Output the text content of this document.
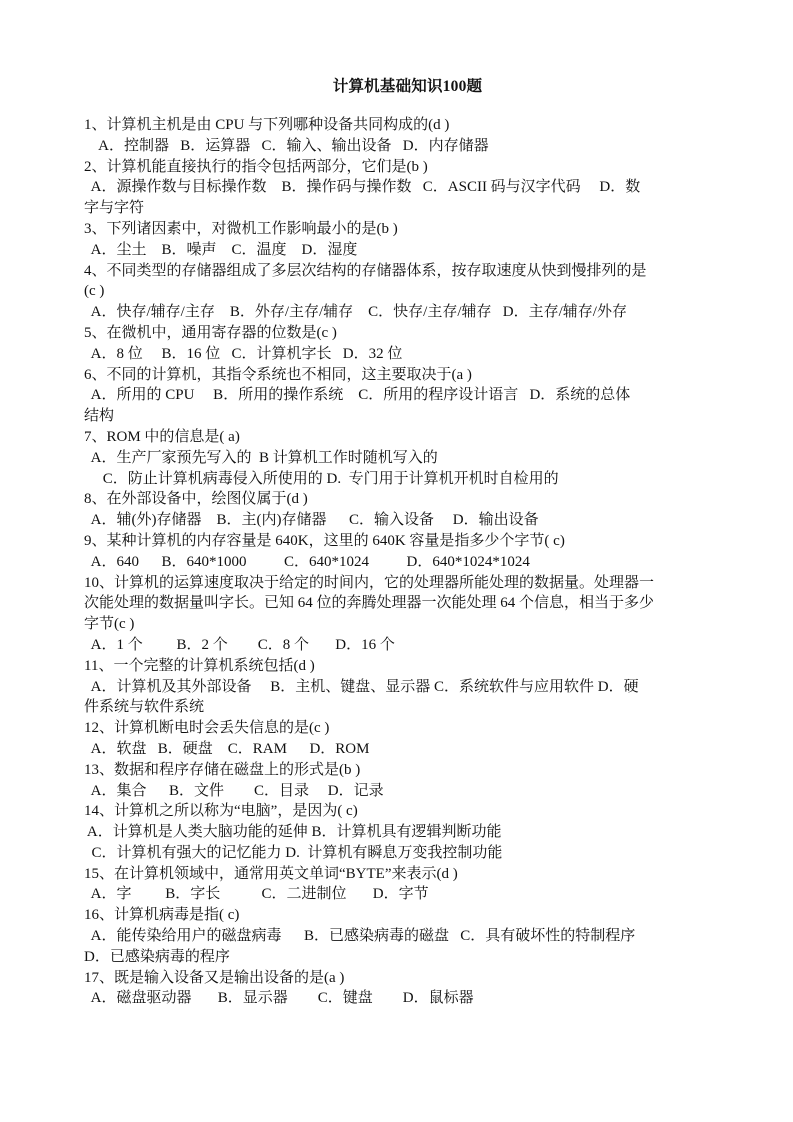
计算机基础知识100题
1、计算机主机是由 CPU 与下列哪种设备共同构成的(d )
A．控制器   B．运算器   C．输入、输出设备   D．内存储器
2、计算机能直接执行的指令包括两部分，它们是(b )
A．源操作数与目标操作数    B．操作码与操作数   C．ASCII 码与汉字代码     D．数
字与字符
3、下列诸因素中，对微机工作影响最小的是(b )
A．尘土    B．噪声    C．温度    D．湿度
4、不同类型的存储器组成了多层次结构的存储器体系，按存取速度从快到慢排列的是
(c )
A．快存/辅存/主存    B．外存/主存/辅存    C．快存/主存/辅存   D．主存/辅存/外存
5、在微机中，通用寄存器的位数是(c )
A．8 位     B．16 位   C．计算机字长   D．32 位
6、不同的计算机，其指令系统也不相同，这主要取决于(a )
A．所用的 CPU     B．所用的操作系统    C．所用的程序设计语言   D．系统的总体
结构
7、ROM 中的信息是( a)
A．生产厂家预先写入的  B 计算机工作时随机写入的
C．防止计算机病毒侵入所使用的 D.  专门用于计算机开机时自检用的
8、在外部设备中，绘图仪属于(d )
A．辅(外)存储器    B．主(内)存储器      C．输入设备     D．输出设备
9、某种计算机的内存容量是 640K，这里的 640K 容量是指多少个字节( c)
A．640      B．640*1000          C．640*1024          D．640*1024*1024
10、计算机的运算速度取决于给定的时间内，它的处理器所能处理的数据量。处理器一
次能处理的数据量叫字长。已知 64 位的奔腾处理器一次能处理 64 个信息，相当于多少
字节(c )
A．1 个         B．2 个        C．8 个       D．16 个
11、一个完整的计算机系统包括(d )
A．计算机及其外部设备     B．主机、键盘、显示器 C．系统软件与应用软件 D．硬
件系统与软件系统
12、计算机断电时会丢失信息的是(c )
A．软盘   B．硬盘    C．RAM      D．ROM
13、数据和程序存储在磁盘上的形式是(b )
A．集合      B．文件        C．目录     D．记录
14、计算机之所以称为“电脑”，是因为( c)
A．计算机是人类大脑功能的延伸 B．计算机具有逻辑判断功能
C．计算机有强大的记忆能力 D.  计算机有瞬息万变我控制功能
15、在计算机领域中，通常用英文单词“BYTE”来表示(d )
A．字         B．字长           C．二进制位       D．字节
16、计算机病毒是指( c)
A．能传染给用户的磁盘病毒      B．已感染病毒的磁盘   C．具有破坏性的特制程序
D．已感染病毒的程序
17、既是输入设备又是输出设备的是(a )
A．磁盘驱动器       B．显示器        C．键盘        D．鼠标器
